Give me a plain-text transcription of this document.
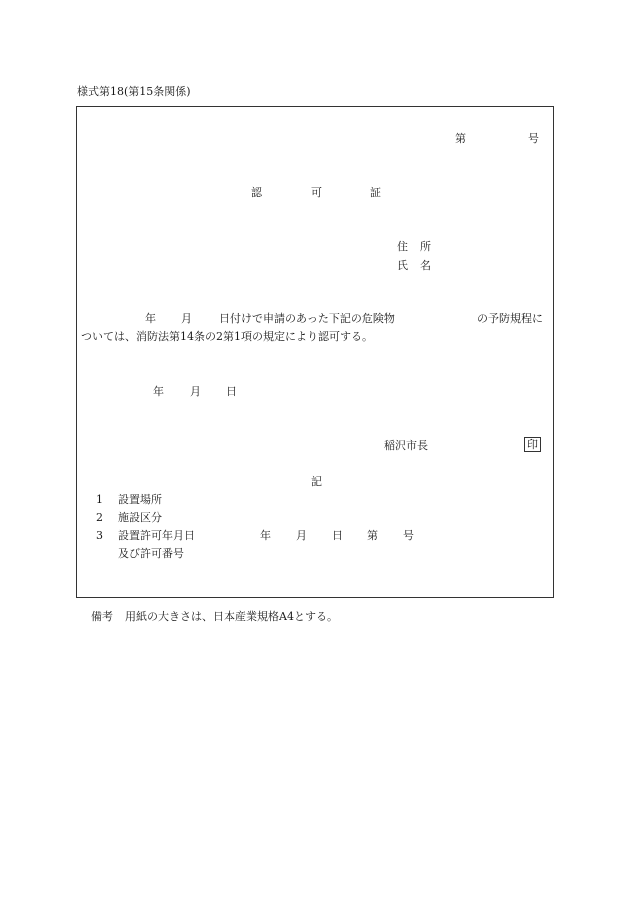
様式第18(第15条関係)
第	号
認	可	証
住 所
氏 名
年 月 日付けで申請のあった下記の危険物	の予防規程に
ついては、消防法第14条の2第1項の規定により認可する。
年 月 日
稲沢市長	印
記
1 設置場所
2 施設区分
3 設置許可年月日	年 月 日 第 号
及び許可番号
備考 用紙の大きさは、日本産業規格A4とする。
